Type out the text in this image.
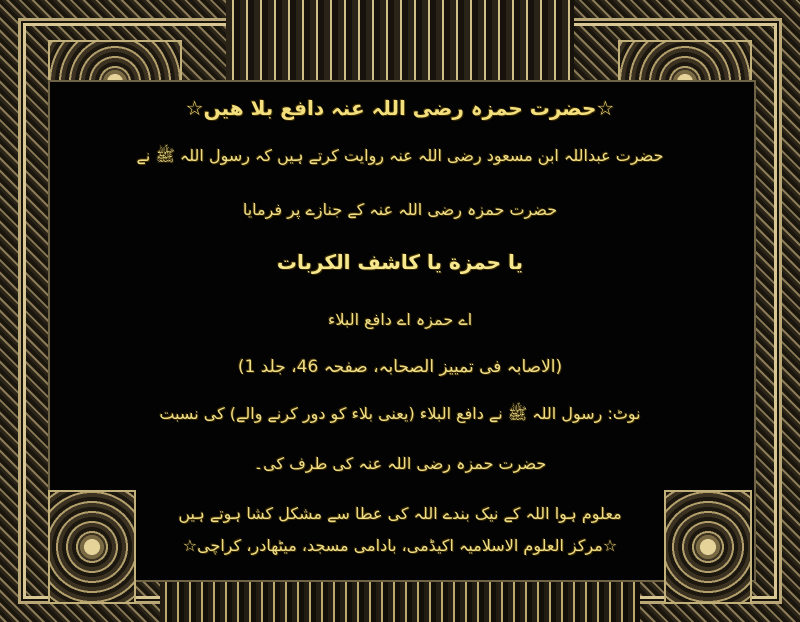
☆حضرت حمزہ رضی اللہ عنہ دافع بلا ھیں☆
حضرت عبداللہ ابن مسعود رضی اللہ عنہ روایت کرتے ہیں کہ رسول اللہ ﷺ نے
حضرت حمزہ رضی اللہ عنہ کے جنازے پر فرمایا
یا حمزة یا كاشف الكربات
اے حمزہ اے دافع البلاء
(الاصابہ فی تمییز الصحابہ، صفحہ 46، جلد 1)
نوٹ: رسول اللہ ﷺ نے دافع البلاء (یعنی بلاء کو دور کرنے والے) کی نسبت
حضرت حمزہ رضی اللہ عنہ کی طرف کی۔
معلوم ہوا اللہ کے نیک بندے اللہ کی عطا سے مشکل کشا ہوتے ہیں
☆مرکز العلوم الاسلامیہ اکیڈمی، بادامی مسجد، میٹھادر، کراچی☆
